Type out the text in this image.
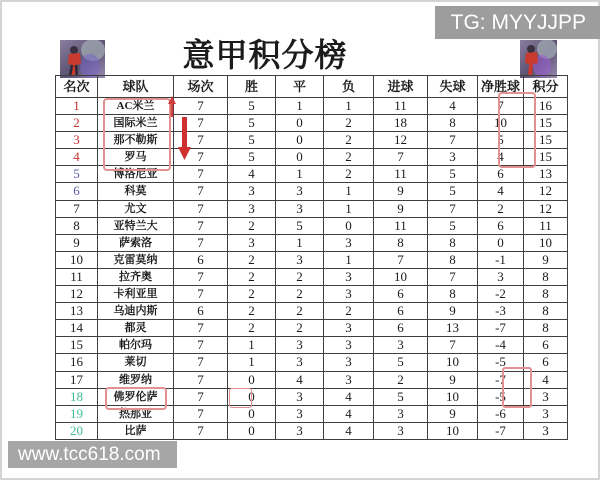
TG: MYYJJPP
意甲积分榜
名次	球队	场次	胜	平	负	进球	失球	净胜球 积分
1	AC米兰	7	5	1	1	11	4	7	16
2	国际米兰	7	5	0	2	18	8	10	15
3	那不勒斯	7	5	0	2	12	7	5	15
4	罗马	7	5	0	2	7	3	4	15
5	博洛尼亚	7	4	1	2	11	5	6	13
6	科莫	7	3	3	1	9	5	4	12
7	尤文	7	3	3	1	9	7	2	12
8	亚特兰大	7	2	5	0	11	5	6	11
9	萨索洛	7	3	1	3	8	8	0	10
10	克雷莫纳	6	2	3	1	7	8	-1	9
11	拉齐奥	7	2	2	3	10	7	3	8
12	卡利亚里	7	2	2	3	6	8	-2	8
13	乌迪内斯	6	2	2	2	6	9	-3	8
14	都灵	7	2	2	3	6	13	-7	8
15	帕尔玛	7	1	3	3	3	7	-4	6
16	莱切	7	1	3	3	5	10	-5	6
17	维罗纳	7	0	4	3	2	9	-7	4
18	佛罗伦萨	7	0	3	4	5	10	-5	3
19	热那亚	7	0	3	4	3	9	-6	3
20	比萨	7	0	3	4	3	10	-7	3
www.tcc618.com
